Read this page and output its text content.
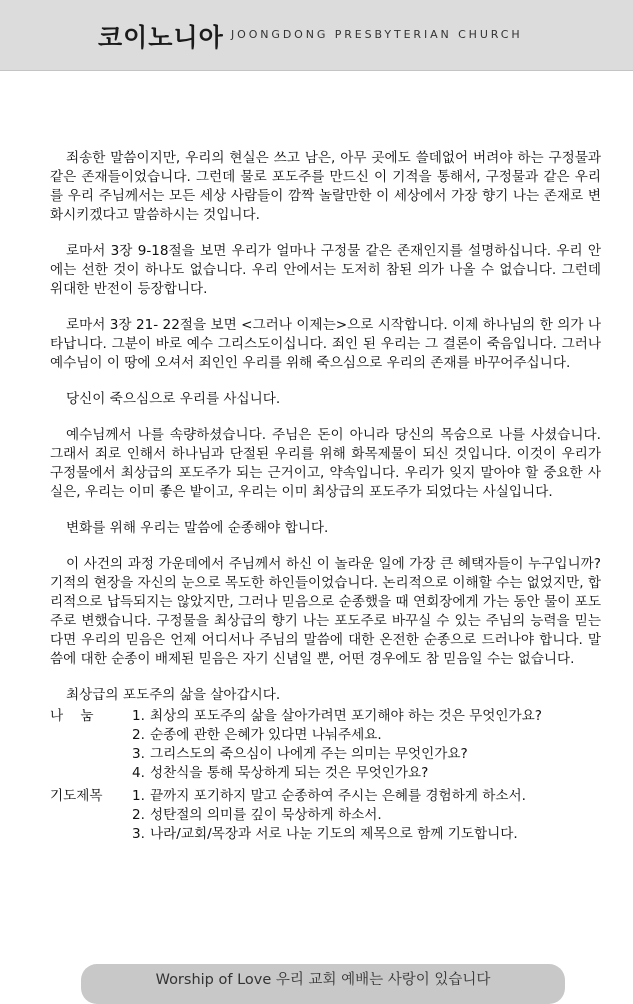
코이노니아 JOONGDONG PRESBYTERIAN CHURCH

죄송한 말씀이지만, 우리의 현실은 쓰고 남은, 아무 곳에도 쓸데없어 버려야 하는 구정물과 같은 존재들이었습니다. 그런데 물로 포도주를 만드신 이 기적을 통해서, 구정물과 같은 우리를 우리 주님께서는 모든 세상 사람들이 깜짝 놀랄만한 이 세상에서 가장 향기 나는 존재로 변화시키겠다고 말씀하시는 것입니다.

로마서 3장 9-18절을 보면 우리가 얼마나 구정물 같은 존재인지를 설명하십니다. 우리 안에는 선한 것이 하나도 없습니다. 우리 안에서는 도저히 참된 의가 나올 수 없습니다. 그런데 위대한 반전이 등장합니다.

로마서 3장 21- 22절을 보면 <그러나 이제는>으로 시작합니다. 이제 하나님의 한 의가 나타납니다. 그분이 바로 예수 그리스도이십니다. 죄인 된 우리는 그 결론이 죽음입니다. 그러나 예수님이 이 땅에 오셔서 죄인인 우리를 위해 죽으심으로 우리의 존재를 바꾸어주십니다.

당신이 죽으심으로 우리를 사십니다.

예수님께서 나를 속량하셨습니다. 주님은 돈이 아니라 당신의 목숨으로 나를 사셨습니다. 그래서 죄로 인해서 하나님과 단절된 우리를 위해 화목제물이 되신 것입니다. 이것이 우리가 구정물에서 최상급의 포도주가 되는 근거이고, 약속입니다. 우리가 잊지 말아야 할 중요한 사실은, 우리는 이미 좋은 밭이고, 우리는 이미 최상급의 포도주가 되었다는 사실입니다.

변화를 위해 우리는 말씀에 순종해야 합니다.

이 사건의 과정 가운데에서 주님께서 하신 이 놀라운 일에 가장 큰 혜택자들이 누구입니까? 기적의 현장을 자신의 눈으로 목도한 하인들이었습니다. 논리적으로 이해할 수는 없었지만, 합리적으로 납득되지는 않았지만, 그러나 믿음으로 순종했을 때 연회장에게 가는 동안 물이 포도주로 변했습니다. 구정물을 최상급의 향기 나는 포도주로 바꾸실 수 있는 주님의 능력을 믿는다면 우리의 믿음은 언제 어디서나 주님의 말씀에 대한 온전한 순종으로 드러나야 합니다. 말씀에 대한 순종이 배제된 믿음은 자기 신념일 뿐, 어떤 경우에도 참 믿음일 수는 없습니다.

최상급의 포도주의 삶을 살아갑시다.
나    눔	1. 최상의 포도주의 삶을 살아가려면 포기해야 하는 것은 무엇인가요?
2. 순종에 관한 은혜가 있다면 나눠주세요.
3. 그리스도의 죽으심이 나에게 주는 의미는 무엇인가요?
4. 성찬식을 통해 묵상하게 되는 것은 무엇인가요?
기도제목	1. 끝까지 포기하지 말고 순종하여 주시는 은혜를 경험하게 하소서.
2. 성탄절의 의미를 깊이 묵상하게 하소서.
3. 나라/교회/목장과 서로 나눈 기도의 제목으로 함께 기도합니다.
Worship of Love 우리 교회 예배는 사랑이 있습니다
